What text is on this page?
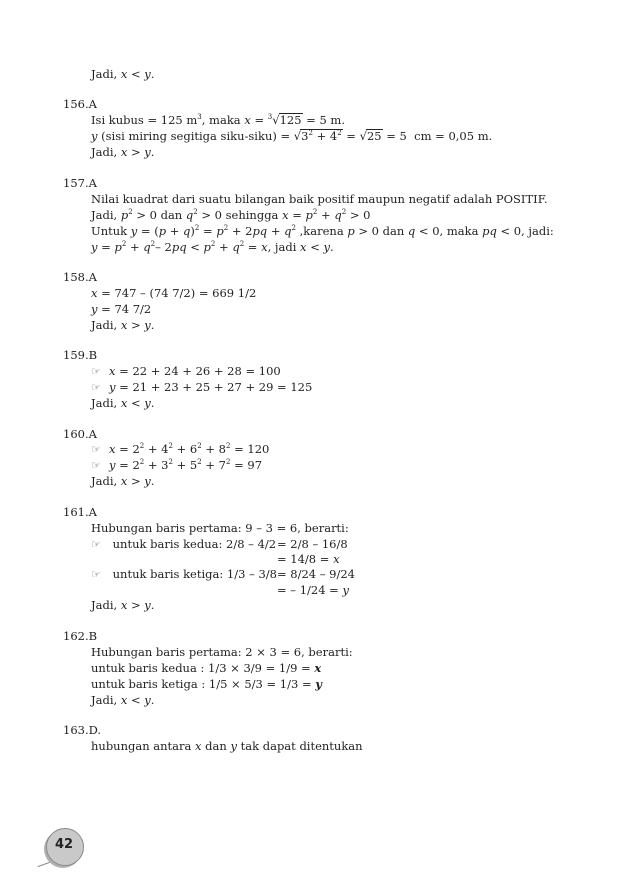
Jadi, x < y.
156.A
Isi kubus = 125 $m^3$, maka x = $^3$√125 = 5 m.
y (sisi miring segitiga siku-siku) = $√3^2 + 4^2 = √25 = 5$  cm = 0,05 m.
Jadi, x > y.
157.A
Nilai kuadrat dari suatu bilangan baik positif maupun negatif adalah POSITIF.
Jadi, $p^2 > 0$ dan $q^2 > 0$ sehingga $x = p^2 + q^2 > 0$
Untuk $y = (p + q)^2 = p^2 + 2pq + q^2$ ,karena p > 0 dan q < 0, maka pq < 0, jadi:
$y = p^2 + q^2-$ $2pq < p^2 + q^2 = x$, jadi x < y.
158.A
x = 747 – (74 7/2) = 669 1/2
y = 74 7/2
Jadi, x > y.
159.B
☞ x = 22 + 24 + 26 + 28 = 100
☞ y = 21 + 23 + 25 + 27 + 29 = 125
Jadi, x < y.
160.A
☞ $x = 2^2 + 4^2 + 6^2 + 8^2 = 120$
☞ $y = 2^2 + 3^2 + 5^2 + 7^2 = 97$
Jadi, x > y.
161.A
Hubungan baris pertama: 9 – 3 = 6, berarti:
☞ untuk baris kedua: 2/8 – 4/2 = 2/8 – 16/8
= 14/8 = x
☞ untuk baris ketiga: 1/3 – 3/8 = 8/24 – 9/24
= – 1/24 = y
Jadi, x > y.
162.B
Hubungan baris pertama: 2 × 3 = 6, berarti:
untuk baris kedua : 1/3 × 3/9 = 1/9 = x
untuk baris ketiga : 1/5 × 5/3 = 1/3 = y
Jadi, x < y.
163.D.
hubungan antara x dan y tak dapat ditentukan
42
